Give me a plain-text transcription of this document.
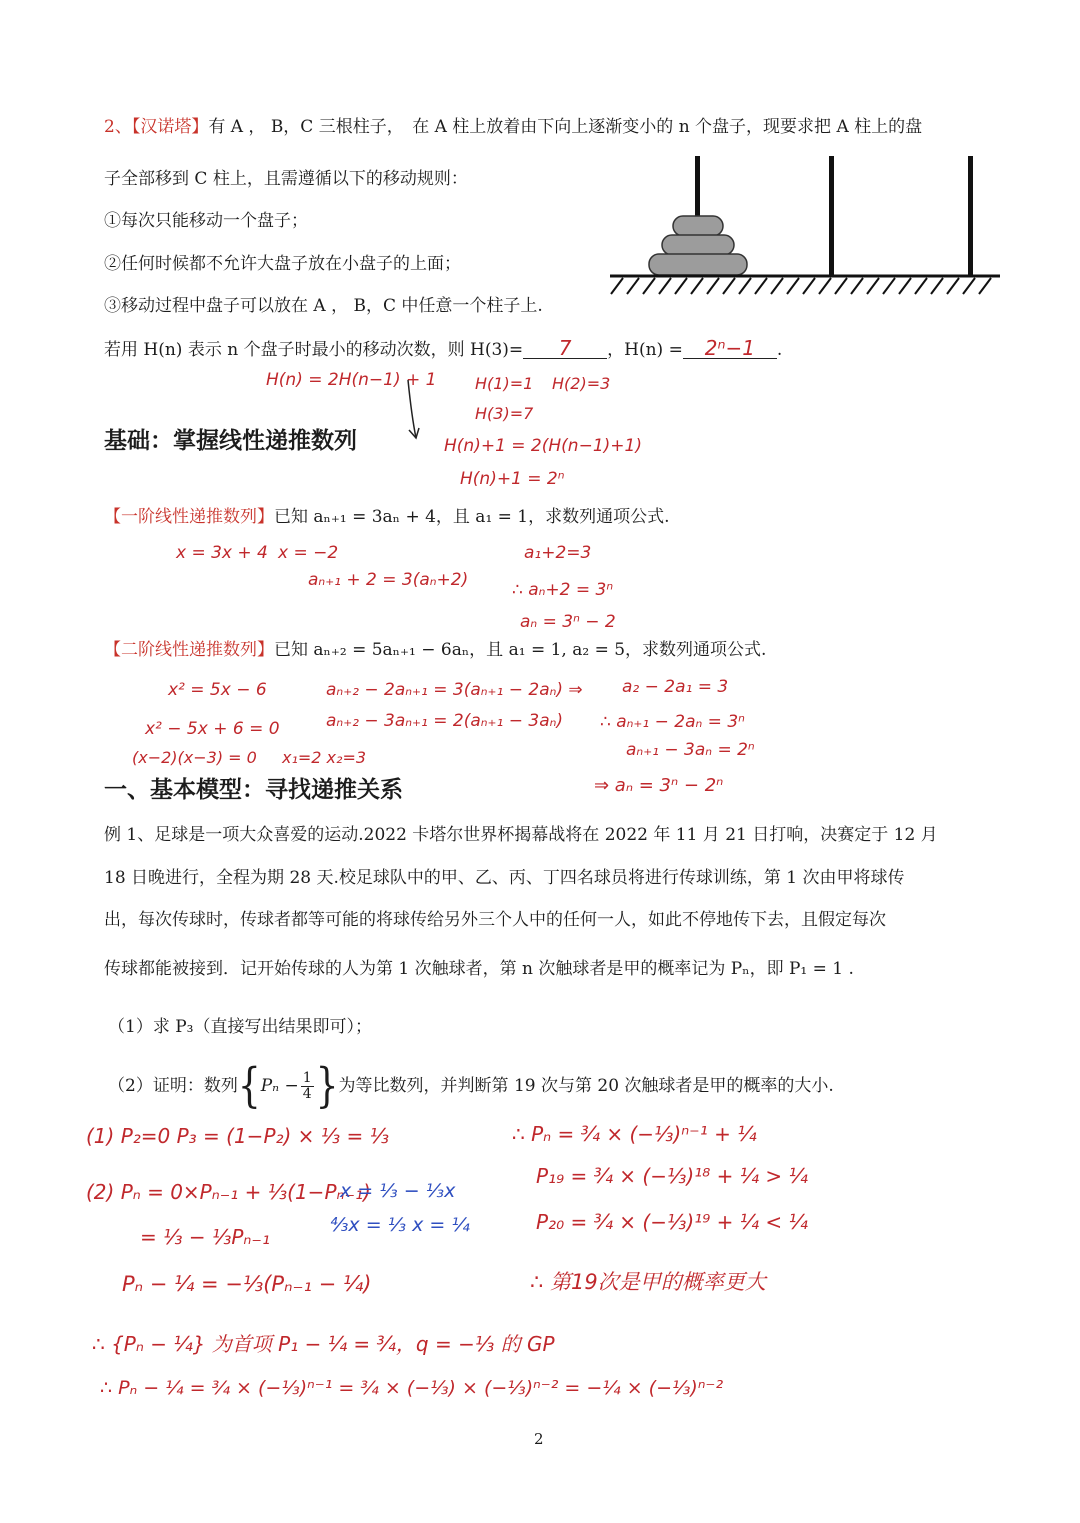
2、【汉诺塔】有 A ， B，C 三根柱子，　在 A 柱上放着由下向上逐渐变小的 n 个盘子，现要求把 A 柱上的盘
子全部移到 C 柱上，且需遵循以下的移动规则：
①每次只能移动一个盘子；
②任何时候都不允许大盘子放在小盘子的上面；
③移动过程中盘子可以放在 A ， B，C 中任意一个柱子上.
若用 H(n) 表示 n 个盘子时最小的移动次数，则 H(3)= 7 ，H(n) = 2ⁿ−1 .
H(n) = 2H(n−1) + 1 H(1)=1 H(2)=3
H(3)=7
H(n)+1 = 2(H(n−1)+1)
H(n)+1 = 2ⁿ
基础：掌握线性递推数列
【一阶线性递推数列】已知 aₙ₊₁ = 3aₙ + 4，且 a₁ = 1，求数列通项公式.
x = 3x + 4 x = −2	a₁+2=3
aₙ₊₁ + 2 = 3(aₙ+2)	∴ aₙ+2 = 3ⁿ
aₙ = 3ⁿ − 2
【二阶线性递推数列】已知 aₙ₊₂ = 5aₙ₊₁ − 6aₙ，且 a₁ = 1, a₂ = 5，求数列通项公式.
x² = 5x − 6
x² − 5x + 6 = 0
(x−2)(x−3) = 0 x₁=2 x₂=3
aₙ₊₂ − 2aₙ₊₁ = 3(aₙ₊₁ − 2aₙ) ⇒
aₙ₊₂ − 3aₙ₊₁ = 2(aₙ₊₁ − 3aₙ)
a₂ − 2a₁ = 3
∴ aₙ₊₁ − 2aₙ = 3ⁿ
aₙ₊₁ − 3aₙ = 2ⁿ
⇒ aₙ = 3ⁿ − 2ⁿ
一、基本模型：寻找递推关系
例 1、足球是一项大众喜爱的运动.2022 卡塔尔世界杯揭幕战将在 2022 年 11 月 21 日打响，决赛定于 12 月
18 日晚进行，全程为期 28 天.校足球队中的甲、乙、丙、丁四名球员将进行传球训练，第 1 次由甲将球传
出，每次传球时，传球者都等可能的将球传给另外三个人中的任何一人，如此不停地传下去，且假定每次
传球都能被接到．记开始传球的人为第 1 次触球者，第 n 次触球者是甲的概率记为 Pₙ，即 P₁ = 1 .
（1）求 P₃（直接写出结果即可）；
（2）证明：数列{$P_n - \frac{1}{4}$ }为等比数列，并判断第 19 次与第 20 次触球者是甲的概率的大小.
(1) P₂=0 P₃ = (1−P₂) × ⅓ = ⅓
(2) Pₙ = 0×Pₙ₋₁ + ⅓(1−Pₙ₋₁)
x = ⅓ − ⅓x
= ⅓ − ⅓Pₙ₋₁	⁴⁄₃x = ⅓ x = ¼
Pₙ − ¼ = −⅓(Pₙ₋₁ − ¼)
∴ {Pₙ − ¼} 为首项 P₁ − ¼ = ¾，q = −⅓ 的 GP
∴ Pₙ − ¼ = ¾ × (−⅓)ⁿ⁻¹ = ¾ × (−⅓) × (−⅓)ⁿ⁻² = −¼ × (−⅓)ⁿ⁻²
∴ Pₙ = ¾ × (−⅓)ⁿ⁻¹ + ¼
P₁₉ = ¾ × (−⅓)¹⁸ + ¼ > ¼
P₂₀ = ¾ × (−⅓)¹⁹ + ¼ < ¼
∴ 第19次是甲的概率更大
2
